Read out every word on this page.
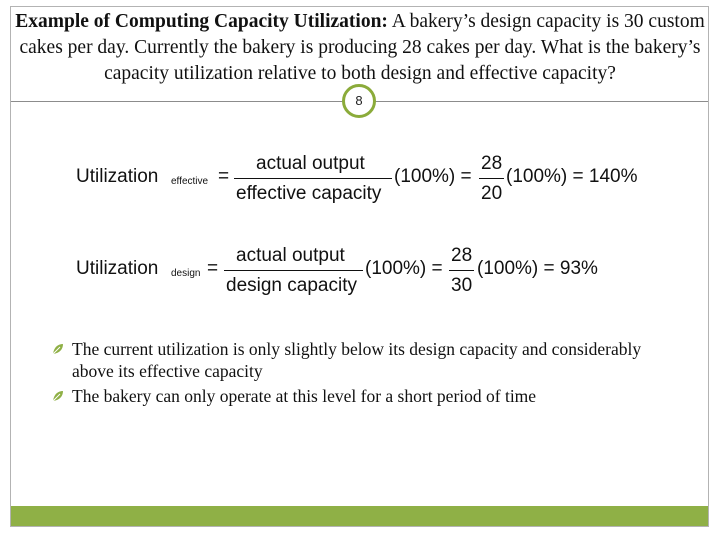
Example of Computing Capacity Utilization: A bakery’s design capacity is 30 custom cakes per day. Currently the bakery is producing 28 cakes per day. What is the bakery’s capacity utilization relative to both design and effective capacity?
8
Utilization effective =
actual output
effective capacity
(100%) =
28
20
(100%) = 140%
Utilization design =
actual output
design capacity
(100%) =
28
30
(100%) = 93%
The current utilization is only slightly below its design capacity and considerably above its effective capacity
The bakery can only operate at this level for a short period of time
